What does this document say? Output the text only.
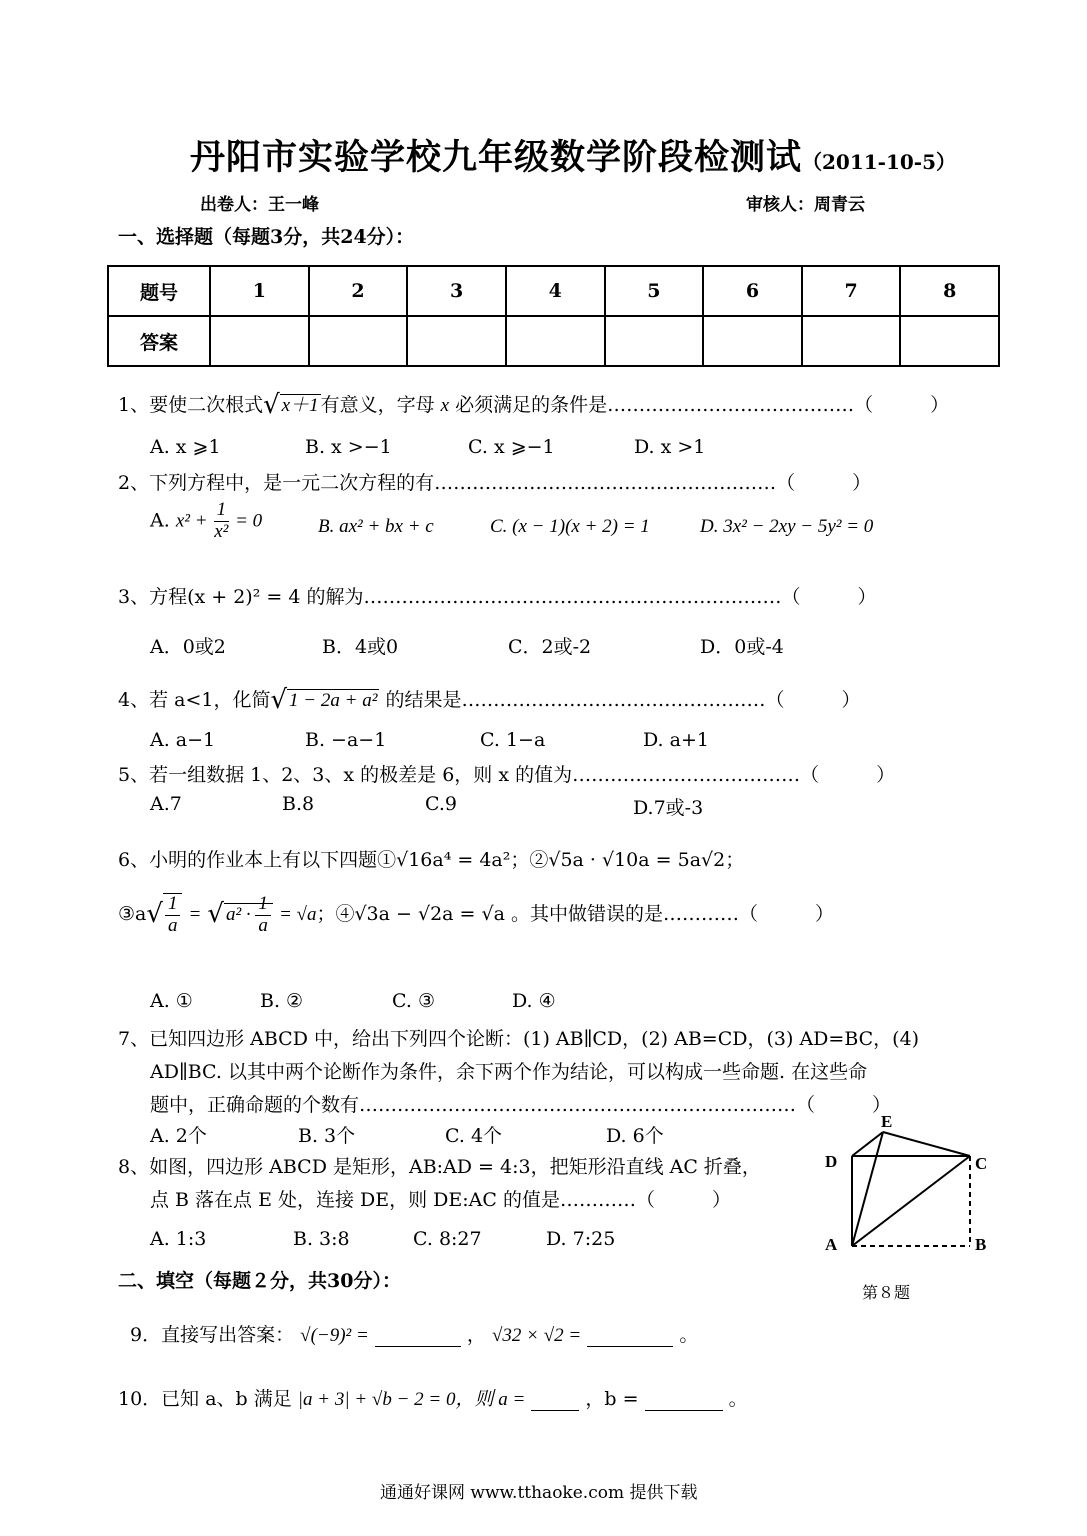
丹阳市实验学校九年级数学阶段检测试（2011-10-5）
出卷人：王一峰	审核人：周青云
一、选择题（每题3分，共24分）：
题号	1	2	3	4	5	6	7	8
答案								
1、要使二次根式√ x＋1 有意义，字母 x 必须满足的条件是…………………………………（　　　）
A. x ⩾1	B. x >−1	C. x ⩾−1	D. x >1
2、下列方程中，是一元二次方程的有………………………………………………（　　　）
A. $x^2 + \frac{1}{\text{x²}} = 0$	B. ax² + bx + c	C. (x − 1)(x + 2) = 1	D. 3x² − 2xy − 5y² = 0
3、方程(x + 2)² = 4 的解为…………………………………………………………（　　　）
A．0或2	B．4或0	C．2或-2	D．0或-4
4、若 a<1，化简√ 1 − 2a + a² 的结果是…………………………………………（　　　）
A. a−1	B. −a−1	C. 1−a	D. a+1
5、若一组数据 1、2、3、x 的极差是 6，则 x 的值为………………………………（　　　）
A.7	B.8	C.9	D.7或-3
6、小明的作业本上有以下四题①√16a⁴ = 4a²；②√5a · √10a = 5a√2；
③a√ $\frac{1}{a}$ = √ $a^2 \cdot \frac{1}{a} = √a$；④√3a − √2a = √a 。其中做错误的是…………（　　　）
A. ①	B. ②	C. ③	D. ④
7、已知四边形 ABCD 中，给出下列四个论断：(1) AB∥CD，(2) AB=CD，(3) AD=BC，(4)
AD∥BC. 以其中两个论断作为条件，余下两个作为结论，可以构成一些命题. 在这些命
题中，正确命题的个数有……………………………………………………………（　　　）
A. 2个	B. 3个	C. 4个	D. 6个
8、如图，四边形 ABCD 是矩形，AB:AD = 4:3，把矩形沿直线 AC 折叠，
点 B 落在点 E 处，连接 DE，则 DE:AC 的值是…………（　　　）
A. 1:3	B. 3:8	C. 8:27	D. 7:25
E
D	C
A	B
第８题
二、填空（每题２分，共30分）：
9．直接写出答案： √(−9)² =	， √32 × √2 =	。
10．已知 a、b 满足 |a + 3| + √b − 2 = 0，则 a =	，b =	。
通通好课网 www.tthaoke.com 提供下载
